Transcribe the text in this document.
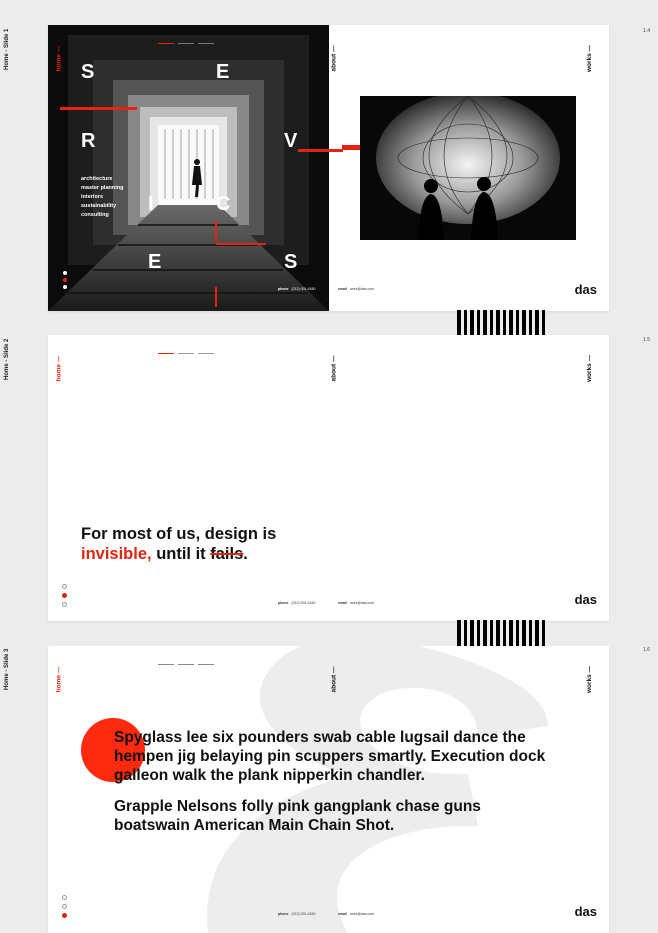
Home - Slide 1
Home - Slide 2
Home - Slide 3
1.4
1.5
1.6
home —
S	E
R	V
I	C
E	S
architecture
master planning
interiors
sustainability
consulting
about —	works —
phone (212) 001-4160	email work@das.com	das
home —	about —	works —
For most of us, design is
invisible, until it fails.
phone (212) 001-4160	email work@das.com	das
home —	about —	works —

Spyglass lee six pounders swab cable lugsail dance the hempen jig belaying pin scuppers smartly. Execution dock galleon walk the plank nipperkin chandler.

Grapple Nelsons folly pink gangplank chase guns boatswain American Main Chain Shot.

phone (212) 001-4160	email work@das.com	das
